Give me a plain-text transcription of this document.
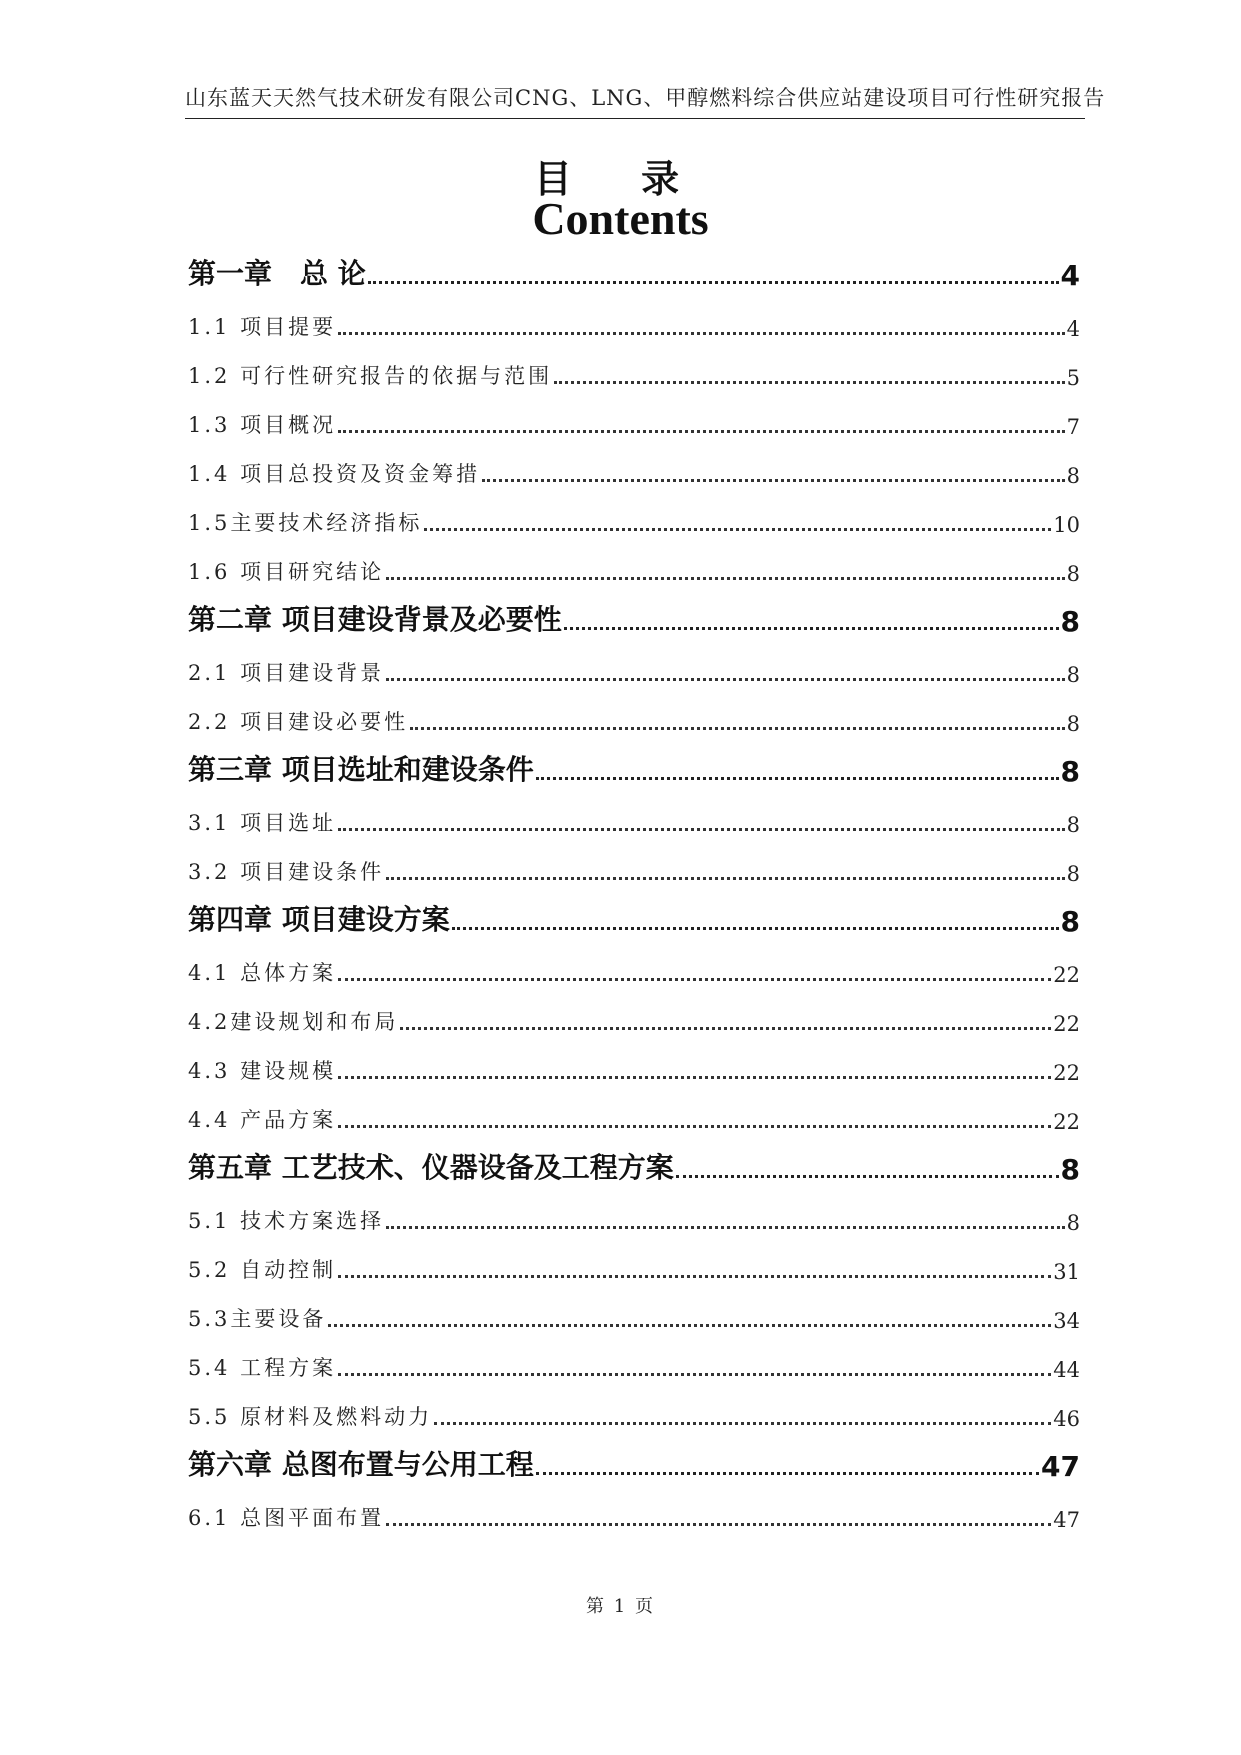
山东蓝天天然气技术研发有限公司CNG、LNG、甲醇燃料综合供应站建设项目可行性研究报告
目 录
Contents
第一章　总 论	4
1.1 项目提要	4
1.2 可行性研究报告的依据与范围	5
1.3 项目概况	7
1.4 项目总投资及资金筹措	8
1.5主要技术经济指标	10
1.6 项目研究结论	8
第二章 项目建设背景及必要性	8
2.1 项目建设背景	8
2.2 项目建设必要性	8
第三章 项目选址和建设条件	8
3.1 项目选址	8
3.2 项目建设条件	8
第四章 项目建设方案	8
4.1 总体方案	22
4.2建设规划和布局	22
4.3 建设规模	22
4.4 产品方案	22
第五章 工艺技术、仪器设备及工程方案	8
5.1 技术方案选择	8
5.2 自动控制	31
5.3主要设备	34
5.4 工程方案	44
5.5 原材料及燃料动力	46
第六章 总图布置与公用工程	47
6.1 总图平面布置	47
第 1 页
